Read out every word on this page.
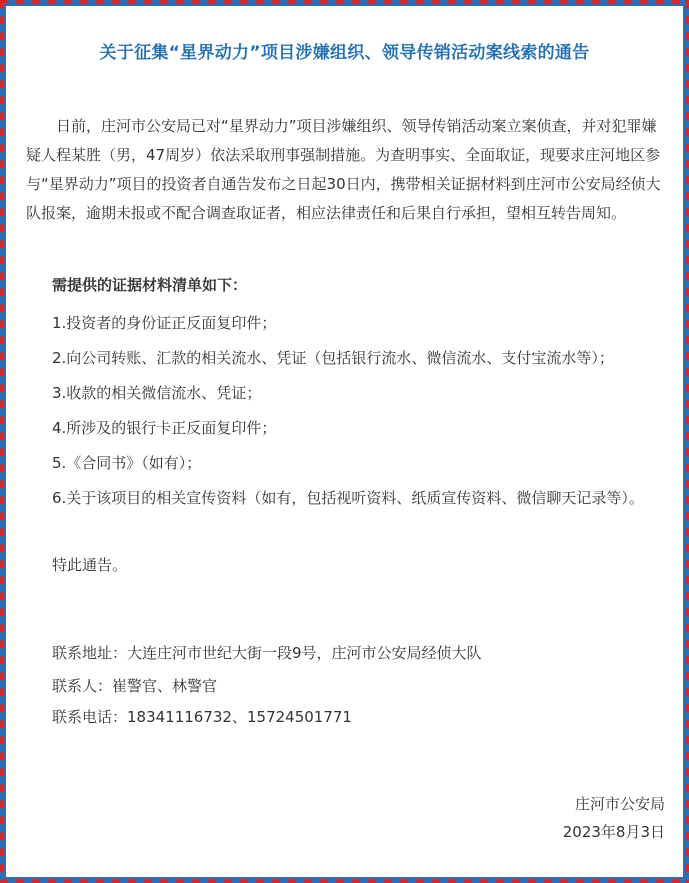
关于征集“星界动力”项目涉嫌组织、领导传销活动案线索的通告

日前，庄河市公安局已对“星界动力”项目涉嫌组织、领导传销活动案立案侦查，并对犯罪嫌疑人程某胜（男，47周岁）依法采取刑事强制措施。为查明事实、全面取证，现要求庄河地区参与“星界动力”项目的投资者自通告发布之日起30日内，携带相关证据材料到庄河市公安局经侦大队报案，逾期未报或不配合调查取证者，相应法律责任和后果自行承担，望相互转告周知。

需提供的证据材料清单如下：
1.投资者的身份证正反面复印件；
2.向公司转账、汇款的相关流水、凭证（包括银行流水、微信流水、支付宝流水等）；
3.收款的相关微信流水、凭证；
4.所涉及的银行卡正反面复印件；
5.《合同书》（如有）；
6.关于该项目的相关宣传资料（如有，包括视听资料、纸质宣传资料、微信聊天记录等）。
特此通告。
联系地址：大连庄河市世纪大街一段9号，庄河市公安局经侦大队
联系人：崔警官、林警官
联系电话：18341116732、15724501771
庄河市公安局
2023年8月3日
